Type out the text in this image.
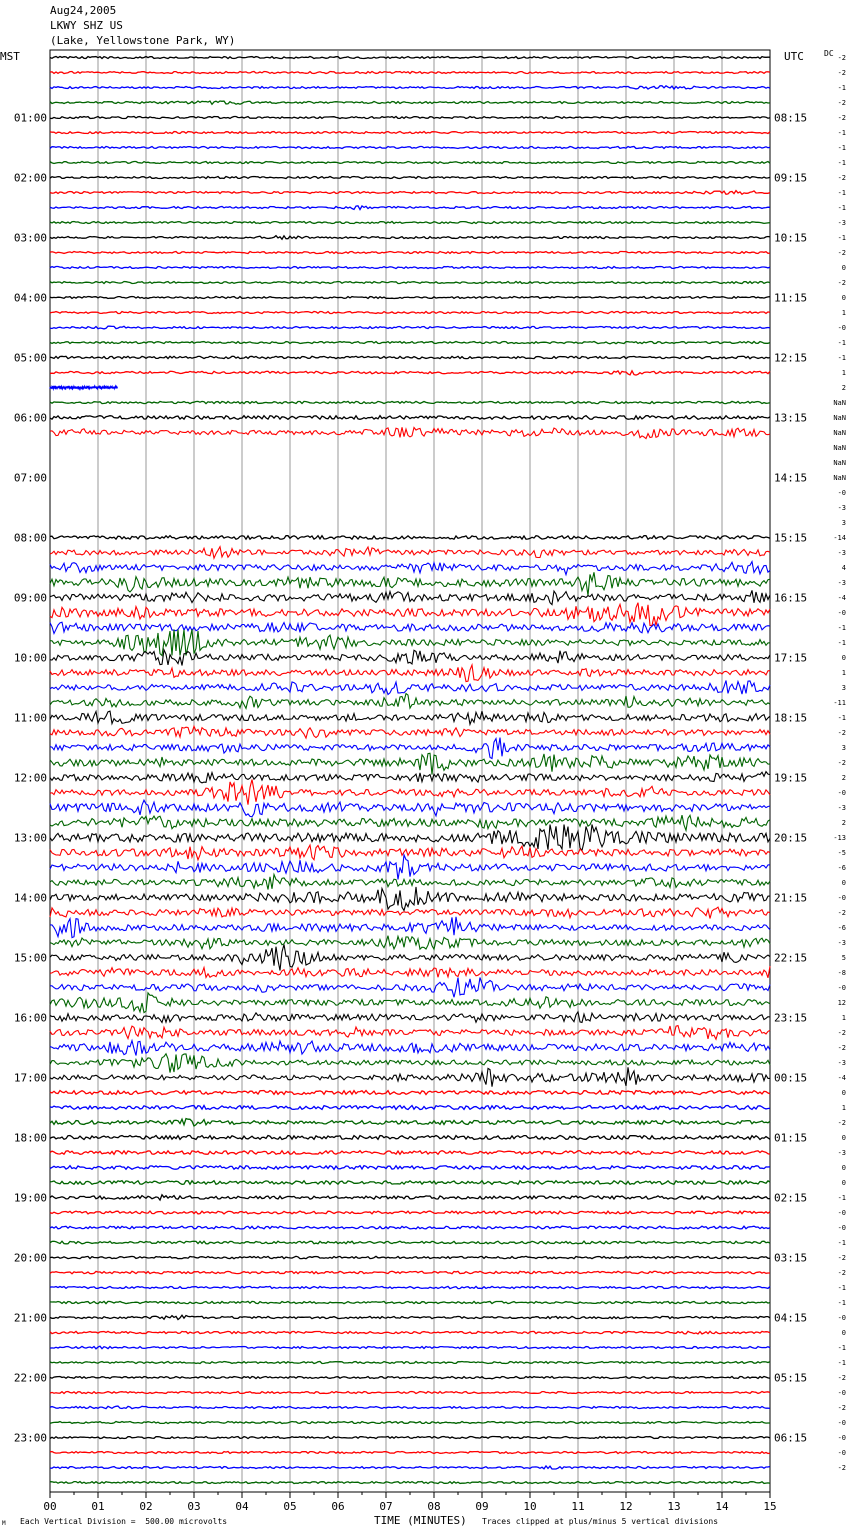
Aug24,2005
LKWY SHZ US
(Lake, Yellowstone Park, WY)
MST	UTC	DC
00	01	02	03	04	05	06	07	08	09	10	11	12	13	14	15
01:00
02:00
03:00
04:00
05:00
06:00
07:00
08:00
09:00
10:00
11:00
12:00
13:00
14:00
15:00
16:00
17:00
18:00
19:00
20:00
21:00
22:00
23:00
08:15
09:15
10:15
11:15
12:15
13:15
14:15
15:15
16:15
17:15
18:15
19:15
20:15
21:15
22:15
23:15
00:15
01:15
02:15
03:15
04:15
05:15
06:15
-2
-2
-1
-2
-2
-1
-1
-1
-2
-1
-1
-3
-1
-2
0
-2
0
1
-0
-1
-1
1
2
NaN
NaN
NaN
NaN
NaN
NaN
-0
-3
3
-14
-3
4
-3
-4
-0
-1
-1
0
1
3
-11
-1
-2
3
-2
2
-0
-3
2
-13
-5
-6
0
-0
-2
-6
-3
5
-8
-0
12
1
-2
-2
-3
-4
0
1
-2
0
-3
0
0
-1
-0
-0
-1
-2
-2
-1
-1
-0
0
-1
-1
-2
-0
-2
-0
-0
-0
-2
M Each Vertical Division =  500.00 microvolts	TIME (MINUTES) Traces clipped at plus/minus 5 vertical divisions
